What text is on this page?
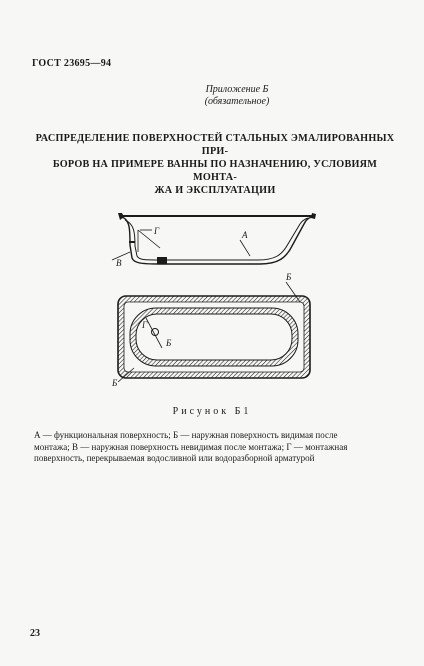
ГОСТ 23695—94
Приложение Б
(обязательное)
РАСПРЕДЕЛЕНИЕ ПОВЕРХНОСТЕЙ СТАЛЬНЫХ ЭМАЛИРОВАННЫХ ПРИ-
БОРОВ НА ПРИМЕРЕ ВАННЫ ПО НАЗНАЧЕНИЮ, УСЛОВИЯМ МОНТА-
ЖА И ЭКСПЛУАТАЦИИ
Г	А
В
Г
Б
Б
Б
Рисунок Б1
А — функциональная поверхность; Б — наружная поверхность видимая после
монтажа; В — наружная поверхность невидимая после монтажа; Г — монтажная
поверхность, перекрываемая водосливной или водоразборной арматурой
23
